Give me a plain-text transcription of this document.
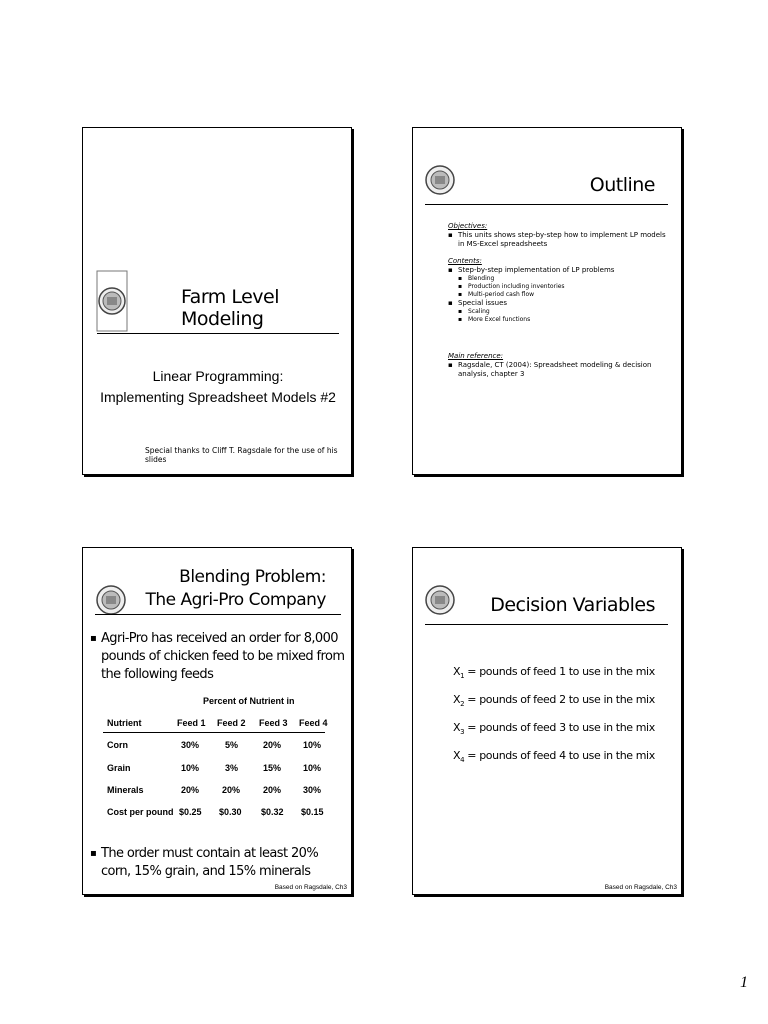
Farm Level Modeling
Linear Programming:
Implementing Spreadsheet Models #2
Special thanks to Cliff T. Ragsdale for the use of his slides
Outline
Objectives:
▪ This units shows step-by-step how to implement LP models in MS-Excel spreadsheets
Contents:
▪ Step-by-step implementation of LP problems
▪ Blending
▪ Production including inventories
▪ Multi-period cash flow
▪ Special issues
▪ Scaling
▪ More Excel functions
Main reference:
▪ Ragsdale, CT (2004): Spreadsheet modeling & decision analysis, chapter 3
Blending Problem:
The Agri-Pro Company
▪ Agri-Pro has received an order for 8,000 pounds of chicken feed to be mixed from the following feeds
Percent of Nutrient in
Nutrient	Feed 1 Feed 2 Feed 3 Feed 4
Corn	30%	5%	20% 10%
Grain	10%	3%	15% 10%
Minerals	20%	20%	20% 30%
Cost per pound $0.25 $0.30 $0.32 $0.15
▪ The order must contain at least 20% corn, 15% grain, and 15% minerals
Based on Ragsdale, Ch3
Decision Variables
$X_1$ = pounds of feed 1 to use in the mix
$X_2$ = pounds of feed 2 to use in the mix
$X_3$ = pounds of feed 3 to use in the mix
$X_4$ = pounds of feed 4 to use in the mix
Based on Ragsdale, Ch3
1
